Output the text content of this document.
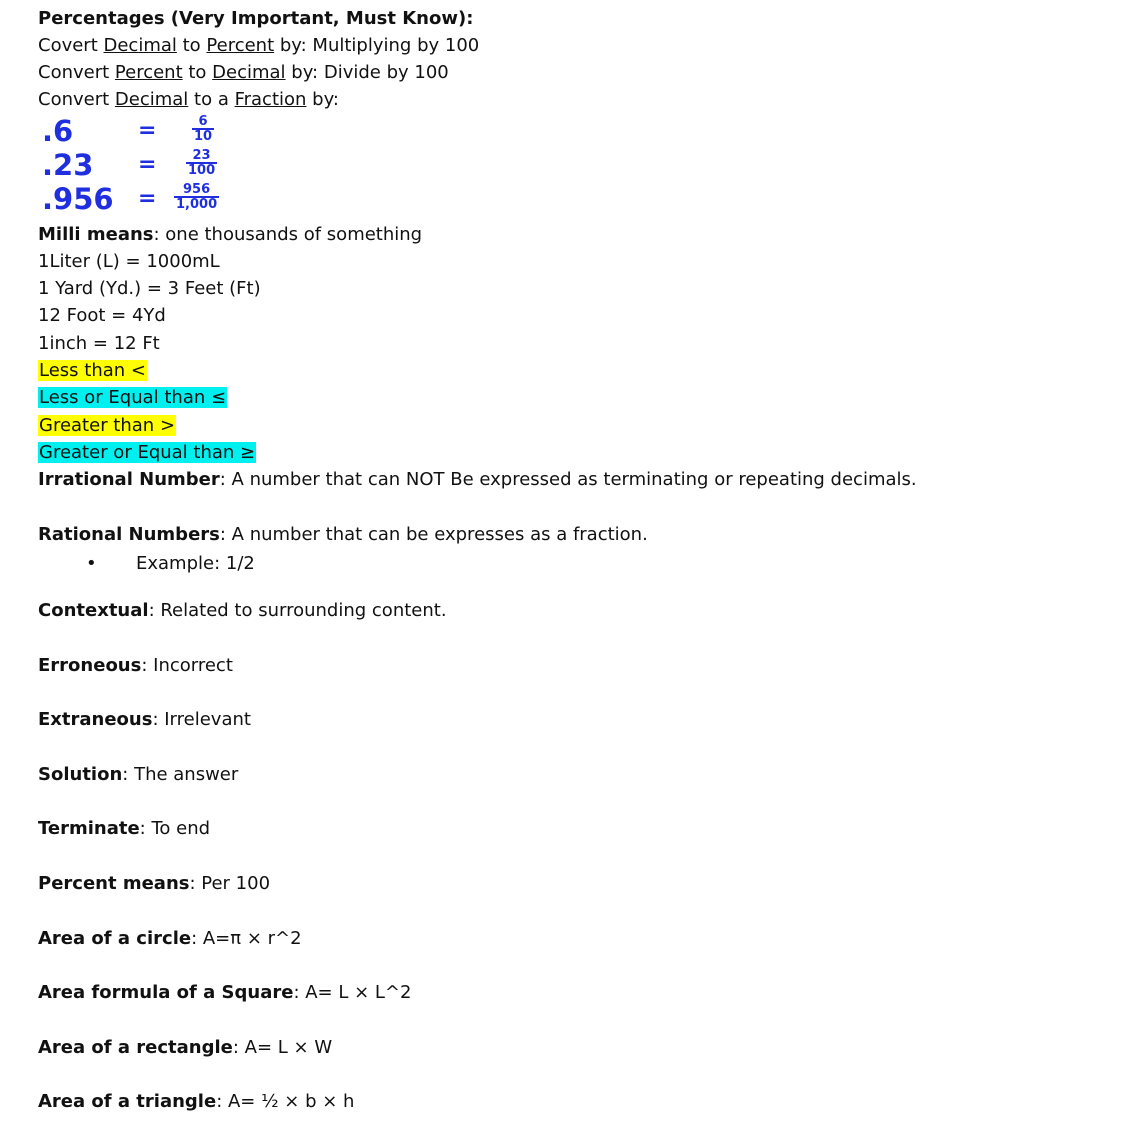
Percentages (Very Important, Must Know):
Covert Decimal to Percent by: Multiplying by 100
Convert Percent to Decimal by: Divide by 100
Convert Decimal to a Fraction by:
.6	=	$\frac{6}{10}$
$.23 = \frac{23}{100}$
$.956 = \frac{956}{1,000}$
Milli means: one thousands of something
1Liter (L) = 1000mL
1 Yard (Yd.) = 3 Feet (Ft)
12 Foot = 4Yd
1inch = 12 Ft
Less than <
Less or Equal than ≤
Greater than >
Greater or Equal than ≥
Irrational Number: A number that can NOT Be expressed as terminating or repeating decimals.
Rational Numbers: A number that can be expresses as a fraction.
• Example: 1/2
Contextual: Related to surrounding content.
Erroneous: Incorrect
Extraneous: Irrelevant
Solution: The answer
Terminate: To end
Percent means: Per 100
Area of a circle: A=π × r^2
Area formula of a Square: A= L × L^2
Area of a rectangle: A= L × W
Area of a triangle: A= ½ × b × h
